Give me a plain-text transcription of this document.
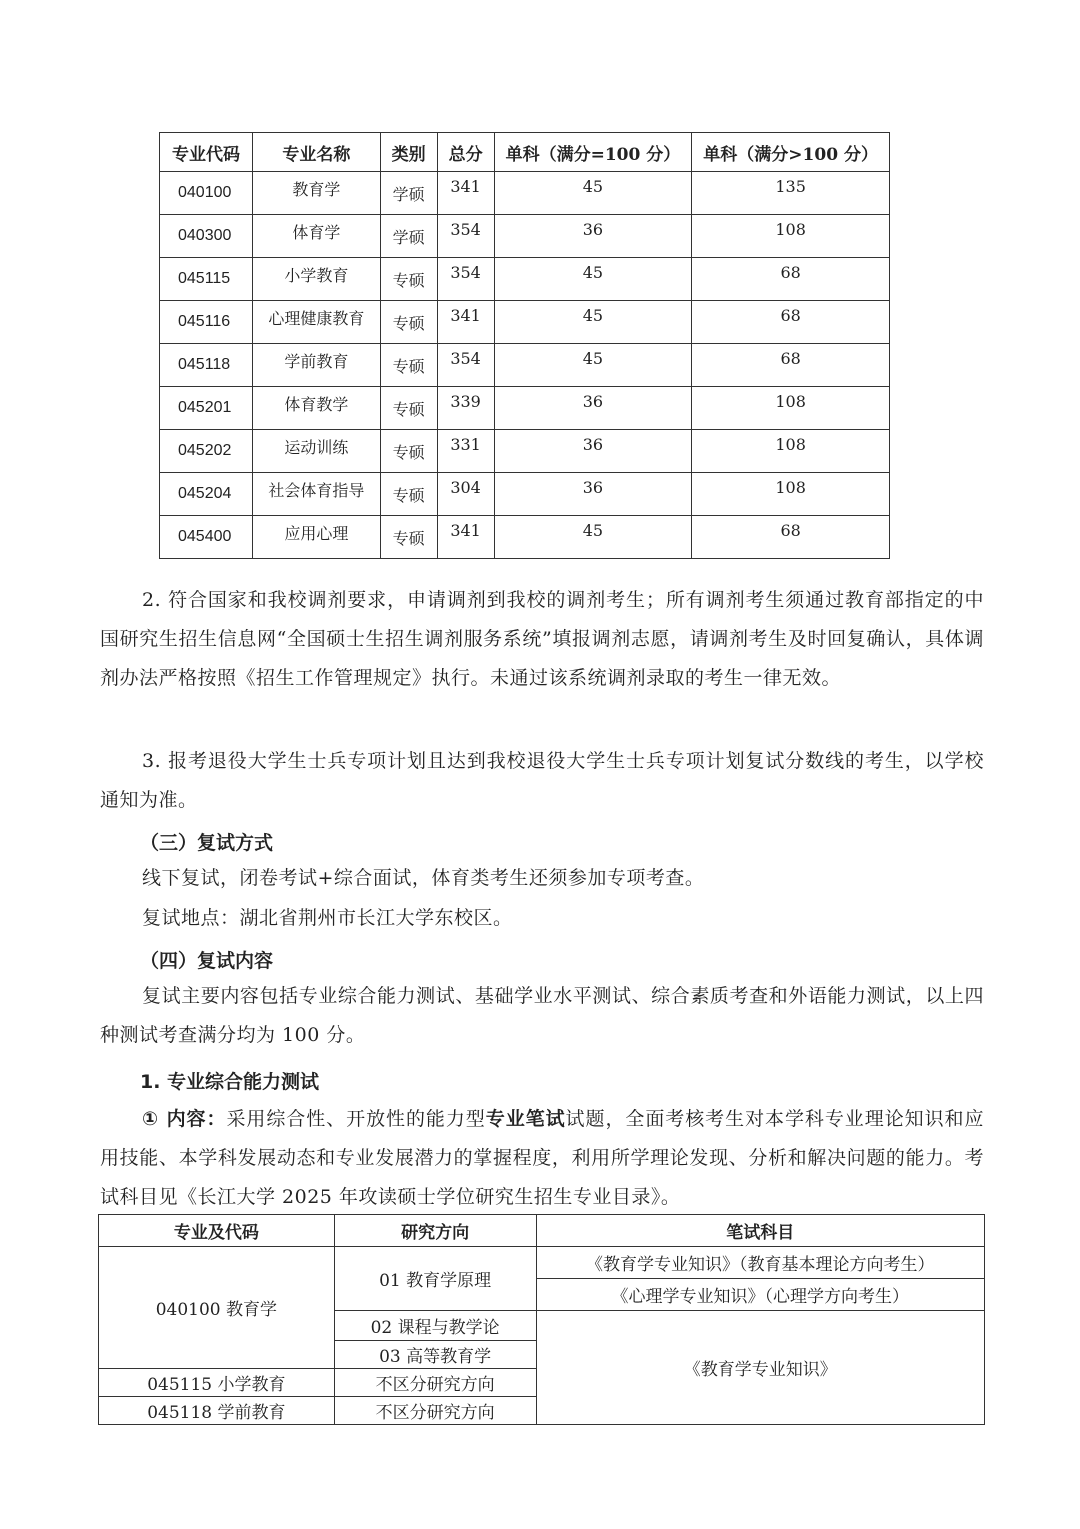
专业代码	专业名称	类别	总分	单科（满分=100 分）	单科（满分>100 分）
040100	教育学	学硕	341	45	135
040300	体育学	学硕	354	36	108
045115	小学教育	专硕	354	45	68
045116	心理健康教育	专硕	341	45	68
045118	学前教育	专硕	354	45	68
045201	体育教学	专硕	339	36	108
045202	运动训练	专硕	331	36	108
045204	社会体育指导	专硕	304	36	108
045400	应用心理	专硕	341	45	68

2. 符合国家和我校调剂要求，申请调剂到我校的调剂考生；所有调剂考生须通过教育部指定的中国研究生招生信息网“全国硕士生招生调剂服务系统”填报调剂志愿，请调剂考生及时回复确认，具体调剂办法严格按照《招生工作管理规定》执行。未通过该系统调剂录取的考生一律无效。

3. 报考退役大学生士兵专项计划且达到我校退役大学生士兵专项计划复试分数线的考生，以学校通知为准。

（三）复试方式

线下复试，闭卷考试+综合面试，体育类考生还须参加专项考查。

复试地点：湖北省荆州市长江大学东校区。

（四）复试内容

复试主要内容包括专业综合能力测试、基础学业水平测试、综合素质考查和外语能力测试，以上四种测试考查满分均为 100 分。

1. 专业综合能力测试

① 内容：采用综合性、开放性的能力型专业笔试试题，全面考核考生对本学科专业理论知识和应用技能、本学科发展动态和专业发展潜力的掌握程度，利用所学理论发现、分析和解决问题的能力。考试科目见《长江大学 2025 年攻读硕士学位研究生招生专业目录》。

专业及代码	研究方向	笔试科目
040100 教育学	01 教育学原理	《教育学专业知识》（教育基本理论方向考生）
		《心理学专业知识》（心理学方向考生）
	02 课程与教学论	《教育学专业知识》
	03 高等教育学	
045115 小学教育	不区分研究方向	
045118 学前教育	不区分研究方向	
